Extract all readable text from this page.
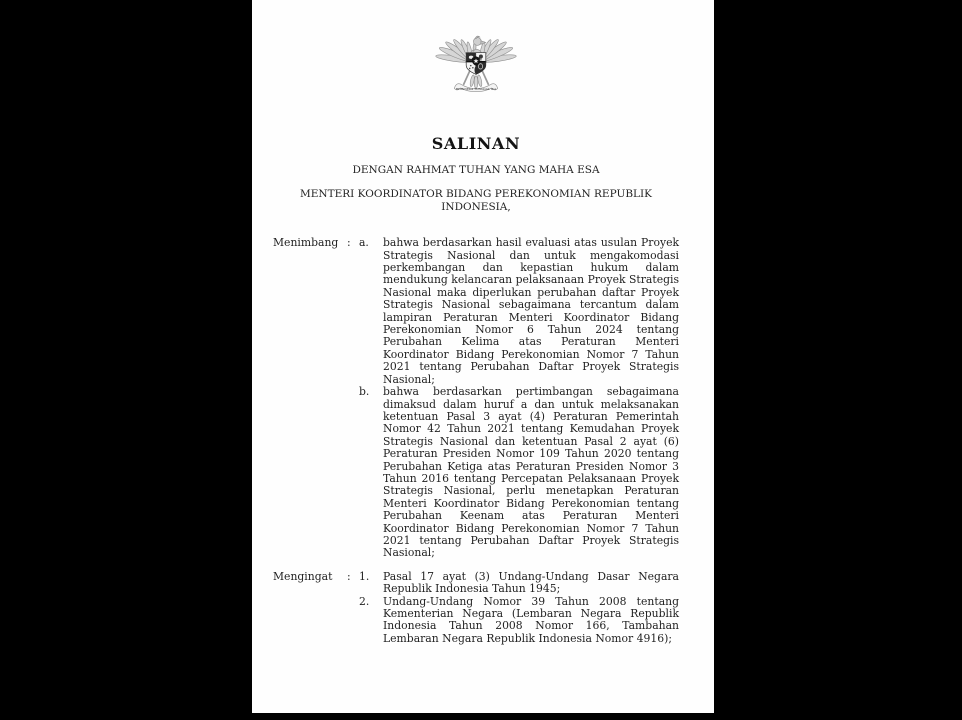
BHINNEKA TUNGGAL IKA
SALINAN
DENGAN RAHMAT TUHAN YANG MAHA ESA
MENTERI KOORDINATOR BIDANG PEREKONOMIAN REPUBLIK INDONESIA,
Menimbang : a.	bahwa berdasarkan hasil evaluasi atas usulan Proyek Strategis Nasional dan untuk mengakomodasi perkembangan dan kepastian hukum dalam mendukung kelancaran pelaksanaan Proyek Strategis Nasional maka diperlukan perubahan daftar Proyek Strategis Nasional sebagaimana tercantum dalam lampiran Peraturan Menteri Koordinator Bidang Perekonomian Nomor 6 Tahun 2024 tentang Perubahan Kelima atas Peraturan Menteri Koordinator Bidang Perekonomian Nomor 7 Tahun 2021 tentang Perubahan Daftar Proyek Strategis Nasional;
b.	bahwa berdasarkan pertimbangan sebagaimana dimaksud dalam huruf a dan untuk melaksanakan ketentuan Pasal 3 ayat (4) Peraturan Pemerintah Nomor 42 Tahun 2021 tentang Kemudahan Proyek Strategis Nasional dan ketentuan Pasal 2 ayat (6) Peraturan Presiden Nomor 109 Tahun 2020 tentang Perubahan Ketiga atas Peraturan Presiden Nomor 3 Tahun 2016 tentang Percepatan Pelaksanaan Proyek Strategis Nasional, perlu menetapkan Peraturan Menteri Koordinator Bidang Perekonomian tentang Perubahan Keenam atas Peraturan Menteri Koordinator Bidang Perekonomian Nomor 7 Tahun 2021 tentang Perubahan Daftar Proyek Strategis Nasional;
Mengingat	: 1.	Pasal 17 ayat (3) Undang-Undang Dasar Negara Republik Indonesia Tahun 1945;
2.	Undang-Undang Nomor 39 Tahun 2008 tentang Kementerian Negara (Lembaran Negara Republik Indonesia Tahun 2008 Nomor 166, Tambahan Lembaran Negara Republik Indonesia Nomor 4916);
